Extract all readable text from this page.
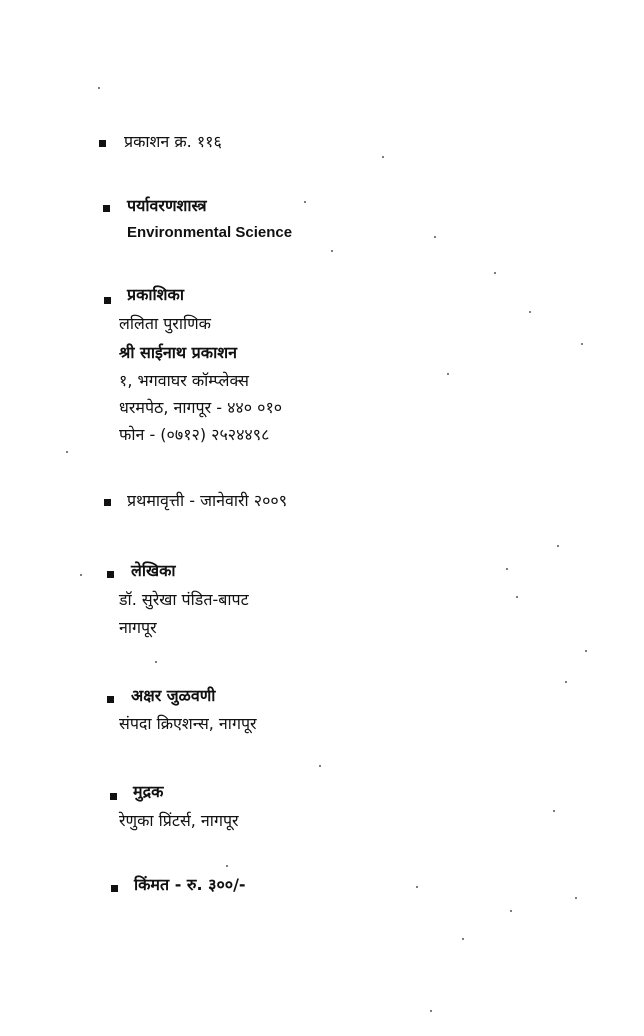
प्रकाशन क्र. ११६
पर्यावरणशास्त्र
Environmental Science
प्रकाशिका
ललिता पुराणिक
श्री साईनाथ प्रकाशन
१, भगवाघर कॉम्प्लेक्स
धरमपेठ, नागपूर - ४४० ०१०
फोन - (०७१२) २५२४४९८
प्रथमावृत्ती - जानेवारी २००९
लेखिका
डॉ. सुरेखा पंडित-बापट
नागपूर
अक्षर जुळवणी
संपदा क्रिएशन्स, नागपूर
मुद्रक
रेणुका प्रिंटर्स, नागपूर
किंमत - रु. ३००/-
